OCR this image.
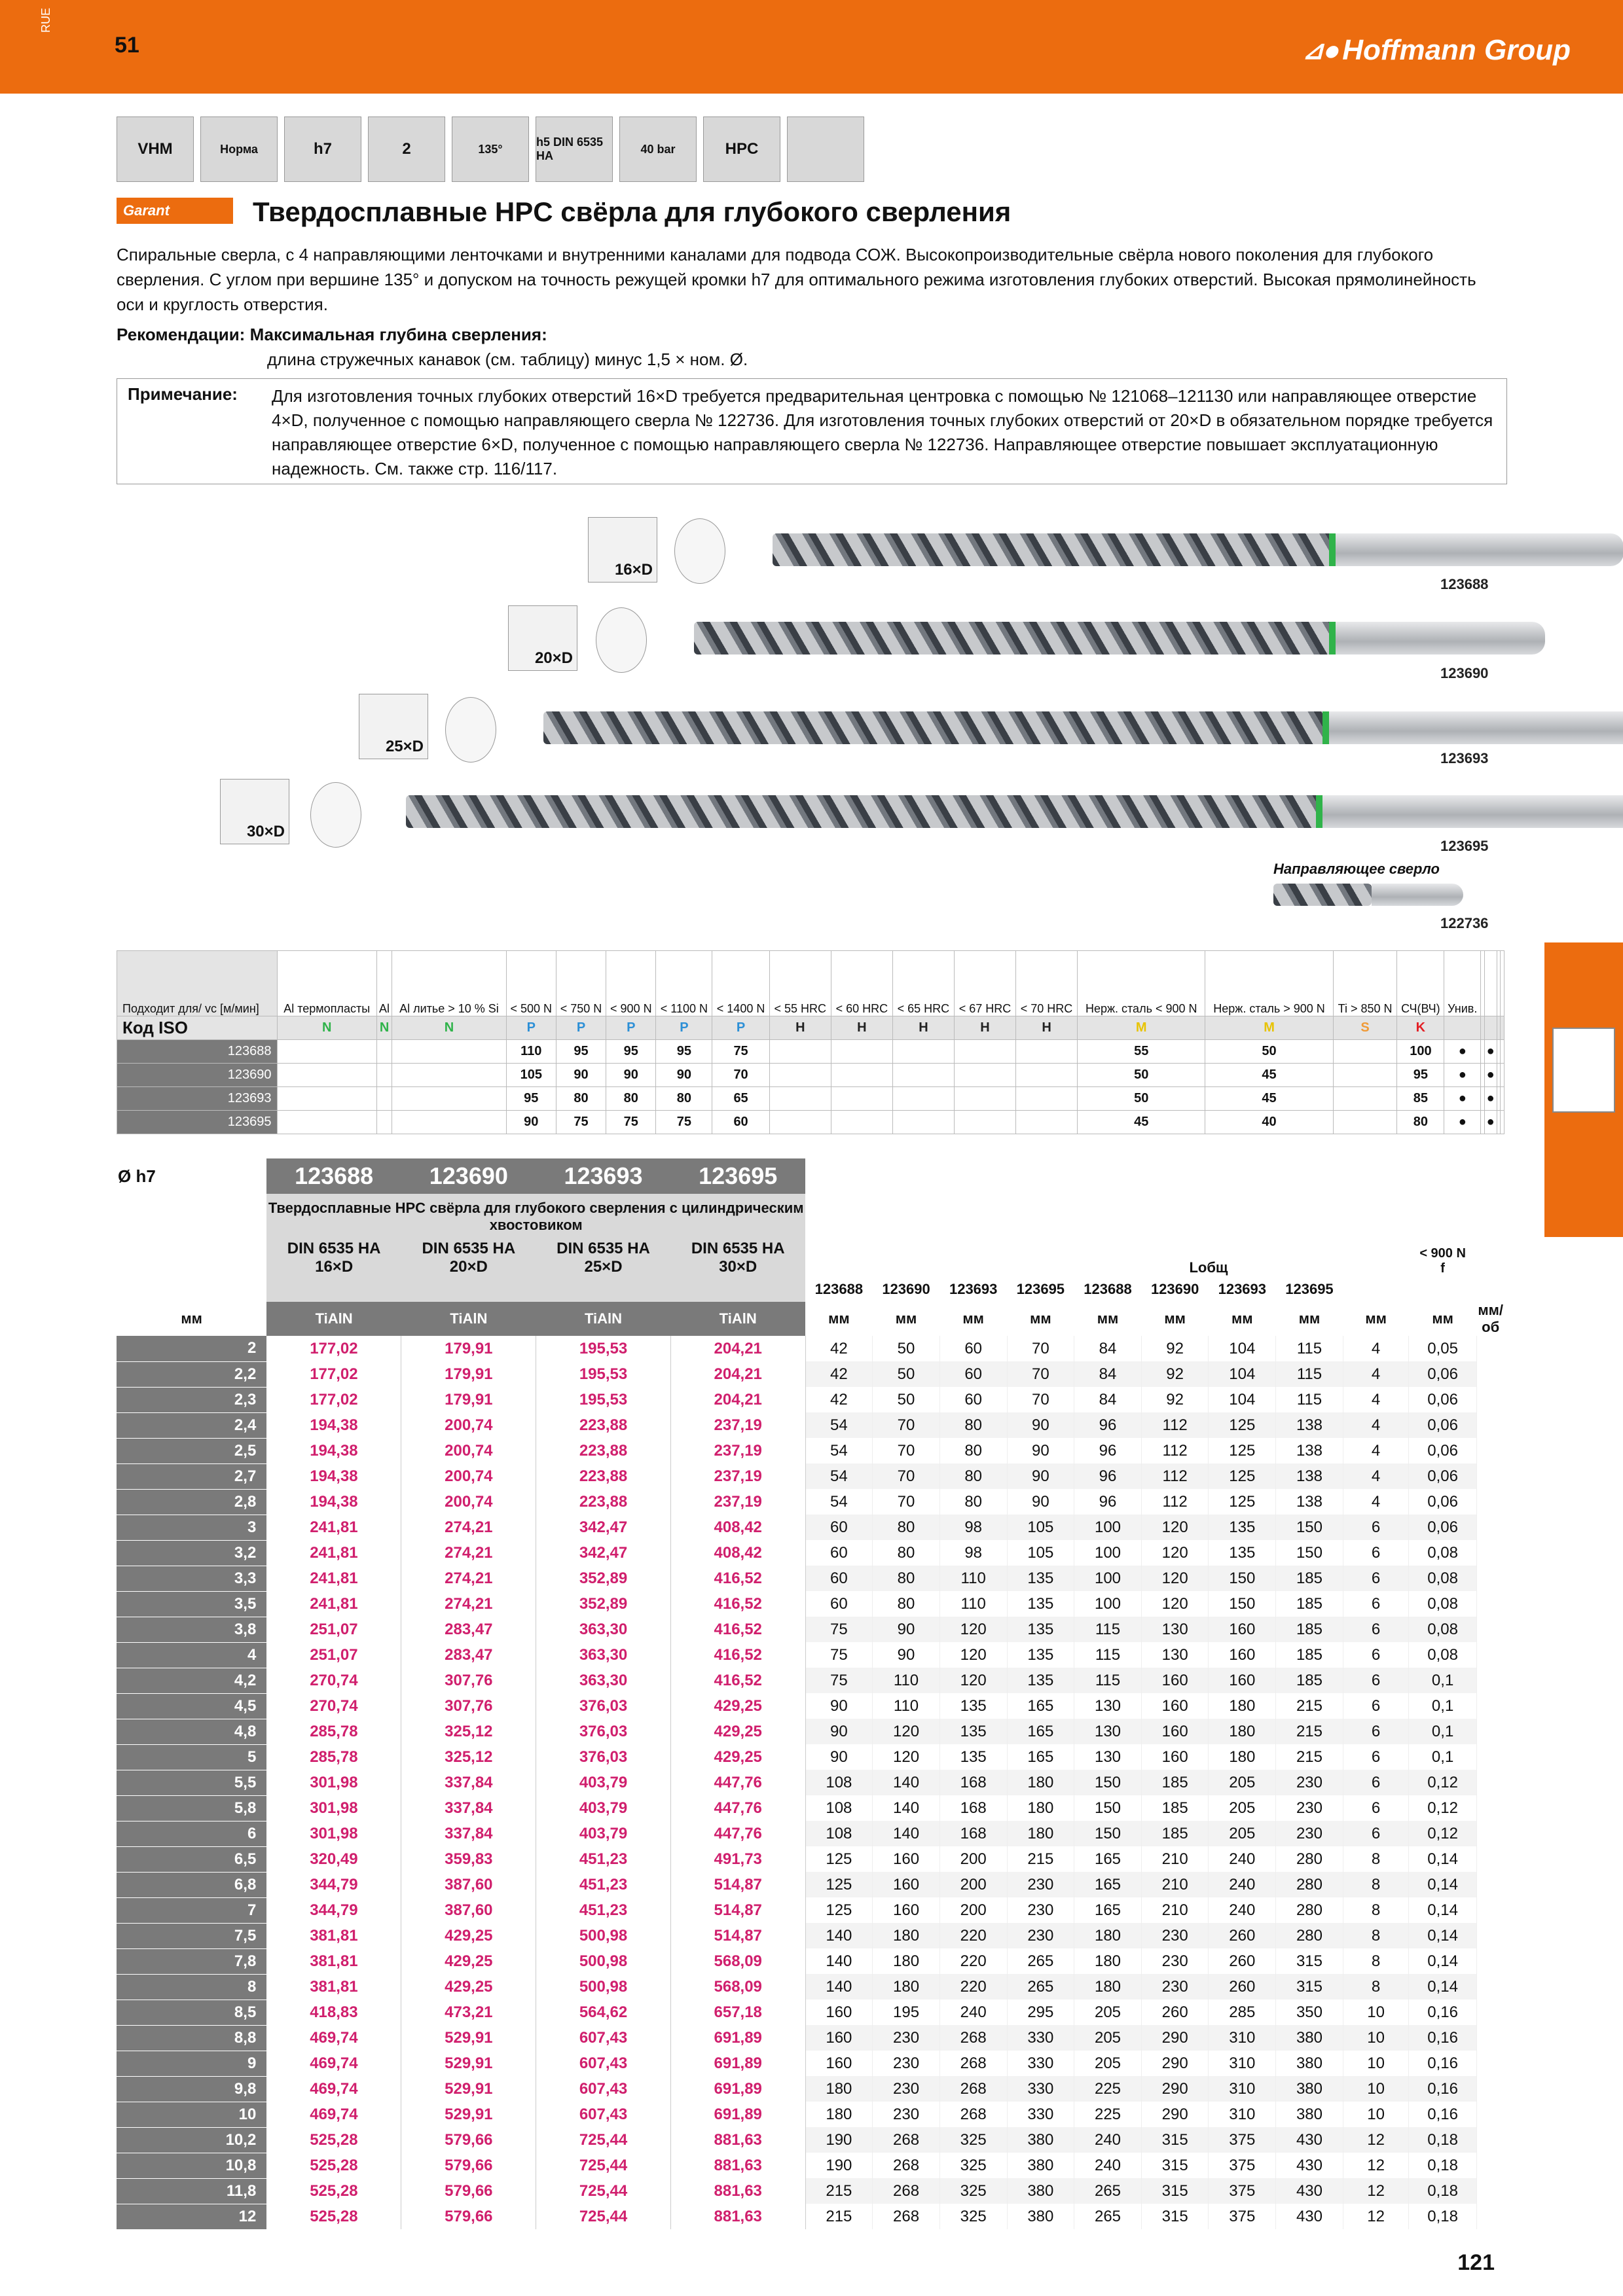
RUE
51	⊿⦁ Hoffmann Group
VHM	Норма	h7	2	135°
h5 DIN 6535 HA
40 bar	HPC
Garant	Твердосплавные HPC свёрла для глубокого сверления
Спиральные сверла, с 4 направляющими ленточками и внутренними каналами для подвода СОЖ. Высокопроизводительные свёрла нового поколения для глубокого сверления. С углом при вершине 135° и допуском на точность режущей кромки h7 для оптимального режима изготовления глубоких отверстий. Высокая прямолинейность оси и круглость отверстия.
Рекомендации: Максимальная глубина сверления:
длина стружечных канавок (см. таблицу) минус 1,5 × ном. Ø.
Примечание: Для изготовления точных глубоких отверстий 16×D требуется предварительная центровка с помощью № 121068–121130 или направляющее отверстие 4×D, полученное с помощью направляющего сверла № 122736. Для изготовления точных глубоких отверстий от 20×D в обязательном порядке требуется направляющее отверстие 6×D, полученное с помощью направляющего сверла № 122736. Направляющее отверстие повышает эксплуатационную надежность. См. также стр. 116/117.
16×D
123688
20×D
123690
25×D
123693
30×D
123695
Направляющее сверло
122736
Подходит для/ vc [м/мин]	Al термопласты	Al	Al литье > 10 % Si	< 500 N	< 750 N	< 900 N	< 1100 N	< 1400 N	< 55 HRC	< 60 HRC	< 65 HRC	< 67 HRC	< 70 HRC	Нерж. сталь < 900 N	Нерж. сталь > 900 N	Ti > 850 N	СЧ(ВЧ)	Унив.				
Код ISO	N	N	N	P	P	P	P	P	H	H	H	H	H	M	M	S	K					
123688				110	95	95	95	75						55	50		100	●		●		
123690				105	90	90	90	70						50	45		95	●		●		
123693				95	80	80	80	65						50	45		85	●		●		
123695				90	75	75	75	60						45	40		80	●		●		
Ø h7	123688	123690	123693	123695					Lобщ					< 900 N
f	
	Твердосплавные HPC свёрла для глубокого сверления с цилиндрическим хвостовиком														
	DIN 6535 HA 16×D	DIN 6535 HA 20×D	DIN 6535 HA 25×D	DIN 6535 HA 30×D											
					123688	123690	123693	123695	123688	123690	123693	123695			
мм	TiAlN	TiAlN	TiAlN	TiAlN	мм	мм	мм	мм	мм	мм	мм	мм	мм	мм	мм/об
2	177,02	179,91	195,53	204,21	42	50	60	70	84	92	104	115	4	0,05	
2,2	177,02	179,91	195,53	204,21	42	50	60	70	84	92	104	115	4	0,06	
2,3	177,02	179,91	195,53	204,21	42	50	60	70	84	92	104	115	4	0,06	
2,4	194,38	200,74	223,88	237,19	54	70	80	90	96	112	125	138	4	0,06	
2,5	194,38	200,74	223,88	237,19	54	70	80	90	96	112	125	138	4	0,06	
2,7	194,38	200,74	223,88	237,19	54	70	80	90	96	112	125	138	4	0,06	
2,8	194,38	200,74	223,88	237,19	54	70	80	90	96	112	125	138	4	0,06	
3	241,81	274,21	342,47	408,42	60	80	98	105	100	120	135	150	6	0,06	
3,2	241,81	274,21	342,47	408,42	60	80	98	105	100	120	135	150	6	0,08	
3,3	241,81	274,21	352,89	416,52	60	80	110	135	100	120	150	185	6	0,08	
3,5	241,81	274,21	352,89	416,52	60	80	110	135	100	120	150	185	6	0,08	
3,8	251,07	283,47	363,30	416,52	75	90	120	135	115	130	160	185	6	0,08	
4	251,07	283,47	363,30	416,52	75	90	120	135	115	130	160	185	6	0,08	
4,2	270,74	307,76	363,30	416,52	75	110	120	135	115	160	160	185	6	0,1	
4,5	270,74	307,76	376,03	429,25	90	110	135	165	130	160	180	215	6	0,1	
4,8	285,78	325,12	376,03	429,25	90	120	135	165	130	160	180	215	6	0,1	
5	285,78	325,12	376,03	429,25	90	120	135	165	130	160	180	215	6	0,1	
5,5	301,98	337,84	403,79	447,76	108	140	168	180	150	185	205	230	6	0,12	
5,8	301,98	337,84	403,79	447,76	108	140	168	180	150	185	205	230	6	0,12	
6	301,98	337,84	403,79	447,76	108	140	168	180	150	185	205	230	6	0,12	
6,5	320,49	359,83	451,23	491,73	125	160	200	215	165	210	240	280	8	0,14	
6,8	344,79	387,60	451,23	514,87	125	160	200	230	165	210	240	280	8	0,14	
7	344,79	387,60	451,23	514,87	125	160	200	230	165	210	240	280	8	0,14	
7,5	381,81	429,25	500,98	514,87	140	180	220	230	180	230	260	280	8	0,14	
7,8	381,81	429,25	500,98	568,09	140	180	220	265	180	230	260	315	8	0,14	
8	381,81	429,25	500,98	568,09	140	180	220	265	180	230	260	315	8	0,14	
8,5	418,83	473,21	564,62	657,18	160	195	240	295	205	260	285	350	10	0,16	
8,8	469,74	529,91	607,43	691,89	160	230	268	330	205	290	310	380	10	0,16	
9	469,74	529,91	607,43	691,89	160	230	268	330	205	290	310	380	10	0,16	
9,8	469,74	529,91	607,43	691,89	180	230	268	330	225	290	310	380	10	0,16	
10	469,74	529,91	607,43	691,89	180	230	268	330	225	290	310	380	10	0,16	
10,2	525,28	579,66	725,44	881,63	190	268	325	380	240	315	375	430	12	0,18	
10,8	525,28	579,66	725,44	881,63	190	268	325	380	240	315	375	430	12	0,18	
11,8	525,28	579,66	725,44	881,63	215	268	325	380	265	315	375	430	12	0,18	
12	525,28	579,66	725,44	881,63	215	268	325	380	265	315	375	430	12	0,18	
121
